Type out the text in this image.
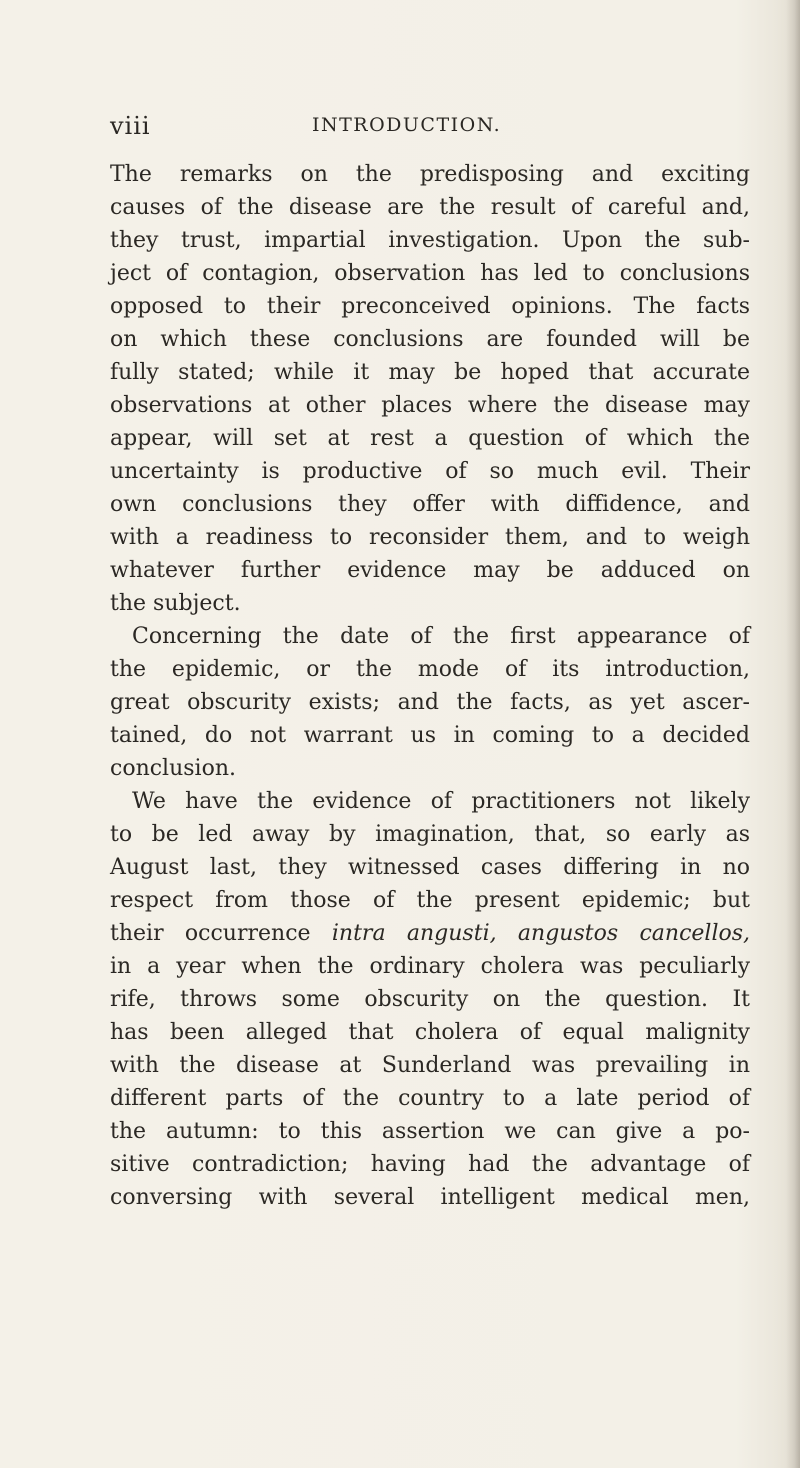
viii	INTRODUCTION.
The remarks on the predisposing and exciting
causes of the disease are the result of careful and,
they trust, impartial investigation. Upon the sub-
ject of contagion, observation has led to conclusions
opposed to their preconceived opinions. The facts
on which these conclusions are founded will be
fully stated; while it may be hoped that accurate
observations at other places where the disease may
appear, will set at rest a question of which the
uncertainty is productive of so much evil. Their
own conclusions they offer with diffidence, and
with a readiness to reconsider them, and to weigh
whatever further evidence may be adduced on
the subject.
Concerning the date of the first appearance of
the epidemic, or the mode of its introduction,
great obscurity exists; and the facts, as yet ascer-
tained, do not warrant us in coming to a decided
conclusion.
We have the evidence of practitioners not likely
to be led away by imagination, that, so early as
August last, they witnessed cases differing in no
respect from those of the present epidemic; but
their occurrence intra angusti, angustos cancellos,
in a year when the ordinary cholera was peculiarly
rife, throws some obscurity on the question. It
has been alleged that cholera of equal malignity
with the disease at Sunderland was prevailing in
different parts of the country to a late period of
the autumn: to this assertion we can give a po-
sitive contradiction; having had the advantage of
conversing with several intelligent medical men,
